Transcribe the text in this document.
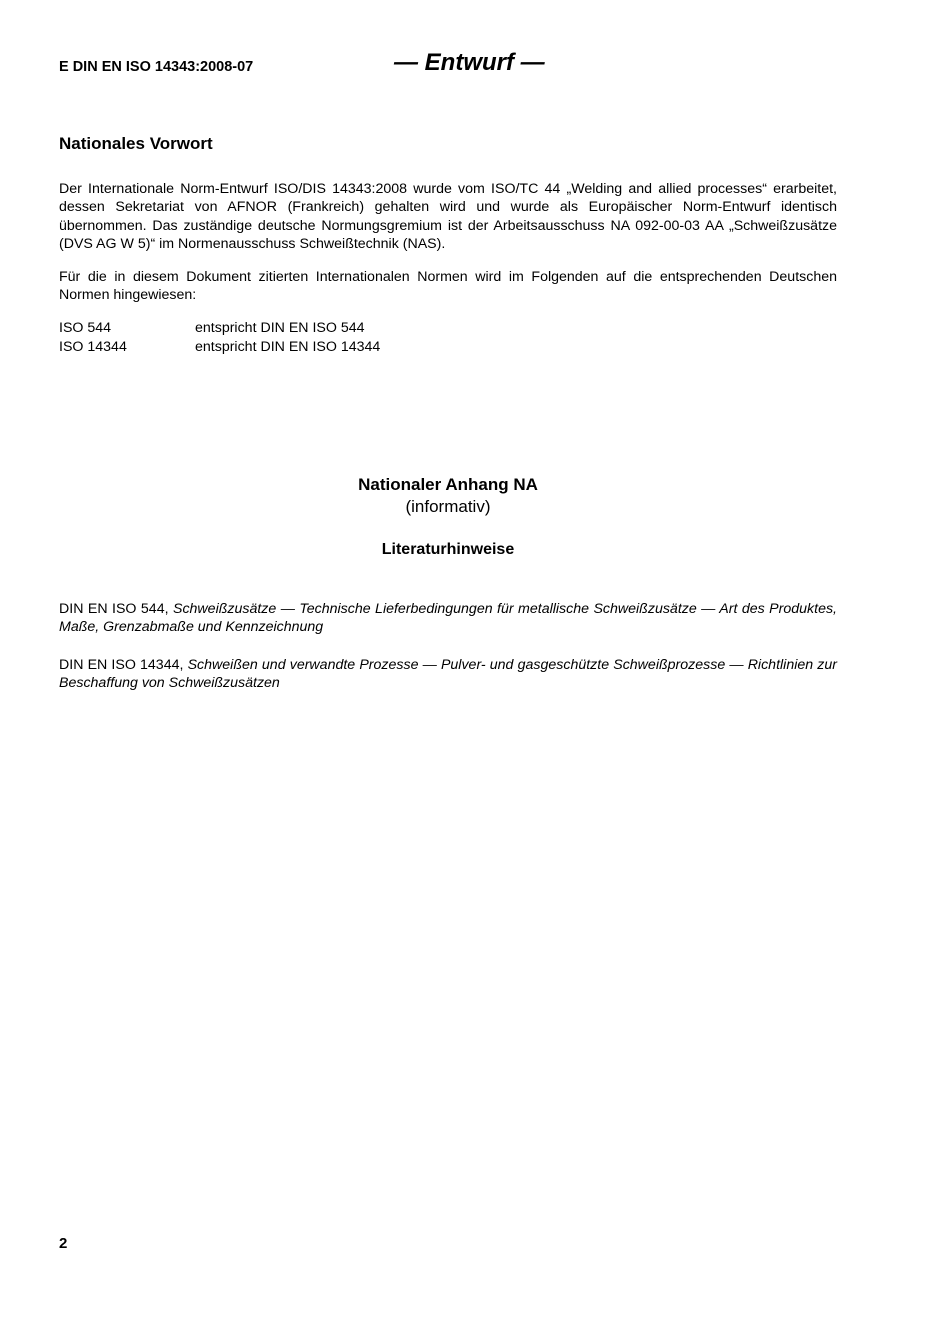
E DIN EN ISO 14343:2008-07	— Entwurf —
Nationales Vorwort
Der Internationale Norm-Entwurf ISO/DIS 14343:2008 wurde vom ISO/TC 44 „Welding and allied processes“ erarbeitet, dessen Sekretariat von AFNOR (Frankreich) gehalten wird und wurde als Europäischer Norm-Entwurf identisch übernommen. Das zuständige deutsche Normungsgremium ist der Arbeitsausschuss NA 092-00-03 AA „Schweißzusätze (DVS AG W 5)“ im Normenausschuss Schweißtechnik (NAS).
Für die in diesem Dokument zitierten Internationalen Normen wird im Folgenden auf die entsprechenden Deutschen Normen hingewiesen:
ISO 544	entspricht DIN EN ISO 544
ISO 14344	entspricht DIN EN ISO 14344
Nationaler Anhang NA
(informativ)
Literaturhinweise
DIN EN ISO 544, Schweißzusätze — Technische Lieferbedingungen für metallische Schweißzusätze — Art des Produktes, Maße, Grenzabmaße und Kennzeichnung
DIN EN ISO 14344, Schweißen und verwandte Prozesse — Pulver- und gasgeschützte Schweißprozesse — Richtlinien zur Beschaffung von Schweißzusätzen
2
